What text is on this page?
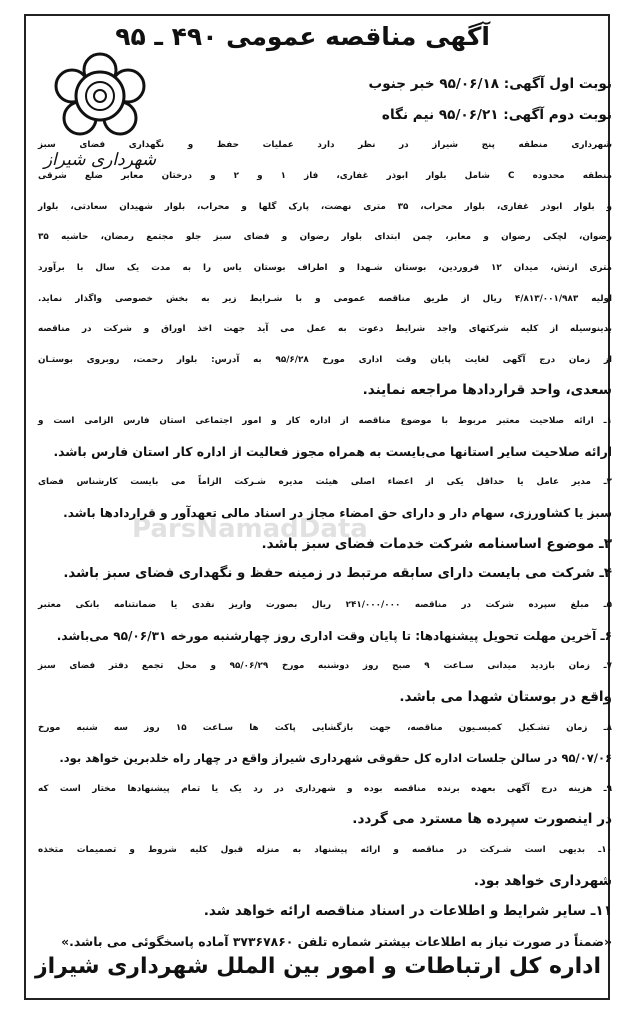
آگهی مناقصه عمومی ۴۹۰ ـ ۹۵
شهرداری شیراز
ParsNamadData
نوبت اول آگهی: ۹۵/۰۶/۱۸ خبر جنوب
نوبت دوم آگهی: ۹۵/۰۶/۲۱ نیم نگاه
شهرداری منطقه پنج شیراز در نظر دارد عملیات حفظ و نگهداری فضای سبز
منطقه محدوده C شامل بلوار ابوذر غفاری، فاز ۱ و ۲ و درختان معابر ضلع شرقی
و بلوار ابوذر غفاری، بلوار محراب، ۳۵ متری نهضت، پارک گلها و محراب، بلوار شهیدان سعادتی، بلوار
رضوان، لچکی رضوان و معابر، چمن ابتدای بلوار رضوان و فضای سبز جلو مجتمع رمضان، حاشیه ۳۵
متری ارتش، میدان ۱۲ فروردین، بوستان شـهدا و اطراف بوستان یاس را به مدت یک سال با برآورد
اولیه ۴/۸۱۳/۰۰۱/۹۸۳ ریال از طریق مناقصه عمومی و با شـرایط زیر به بخش خصوصی واگذار نماید.
بدینوسیله از کلیه شرکتهای واجد شرایط دعوت به عمل می آید جهت اخذ اوراق و شرکت در مناقصه
از زمان درج آگهی لغایت پایان وقت اداری مورخ ۹۵/۶/۲۸ به آدرس: بلوار رحمت، روبروی بوستـان
سعدی، واحد قراردادها مراجعه نمایند.
۱ـ ارائه صلاحیت معتبر مربوط با موضوع مناقصه از اداره کار و امور اجتماعی استان فارس الزامی است و
ارائه صلاحیت سایر استانها می‌بایست به همراه مجوز فعالیت از اداره کار استان فارس باشد.
۲ـ مدیر عامل یا حداقل یکی از اعضاء اصلی هیئت مدیره شـرکت الزاماً می بایست کارشناس فضای
سبز یا کشاورزی، سهام دار و دارای حق امضاء مجاز در اسناد مالی تعهدآور و قراردادها باشد.
۳ـ موضوع اساسنامه شرکت خدمات فضای سبز باشد.
۴ـ شرکت می بایست دارای سابقه مرتبط در زمینه حفظ و نگهداری فضای سبز باشد.
۵ـ مبلغ سپرده شرکت در مناقصه ۲۴۱/۰۰۰/۰۰۰ ریال بصورت واریز نقدی یا ضمانتنامه بانکی معتبر
۶ـ آخرین مهلت تحویل پیشنهادها: تا پایان وقت اداری روز چهارشنبه مورخه ۹۵/۰۶/۳۱ می‌باشد.
۷ـ زمان بازدید میدانی سـاعت ۹ صبح روز دوشنبه مورخ ۹۵/۰۶/۲۹ و محل تجمع دفتر فضای سبز
واقع در بوستان شهدا می باشد.
۸ـ زمان تشـکیل کمیسـیون مناقصه، جهت بازگشایی پاکت ها سـاعت ۱۵ روز سه شنبه مورخ
۹۵/۰۷/۰۶ در سالن جلسات اداره کل حقوقی شهرداری شیراز واقع در چهار راه خلدبرین خواهد بود.
۹ـ هزینه درج آگهی بعهده برنده مناقصه بوده و شهرداری در رد یک یا تمام پیشنهادها مختار است که
در اینصورت سپرده ها مسترد می گردد.
۱۰ـ بدیهی است شـرکت در مناقصه و ارائه پیشنهاد به منزله قبول کلیه شروط و تصمیمات متخذه
شهرداری خواهد بود.
۱۱ـ سایر شرایط و اطلاعات در اسناد مناقصه ارائه خواهد شد.
«ضمناً در صورت نیاز به اطلاعات بیشتر شماره تلفن ۳۷۳۶۷۸۶۰ آماده پاسخگوئی می باشد.»
اداره کل ارتباطات و امور بین الملل شهرداری شیراز
